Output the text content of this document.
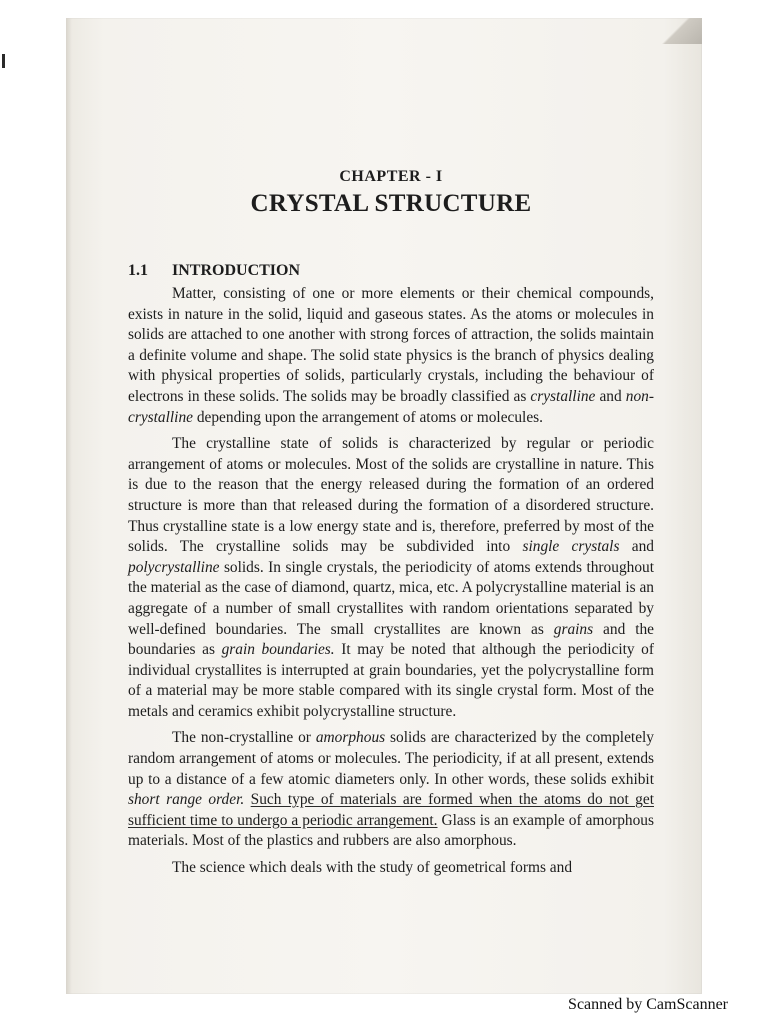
CHAPTER - I
CRYSTAL STRUCTURE
1.1	INTRODUCTION

Matter, consisting of one or more elements or their chemical compounds, exists in nature in the solid, liquid and gaseous states. As the atoms or molecules in solids are attached to one another with strong forces of attraction, the solids maintain a definite volume and shape. The solid state physics is the branch of physics dealing with physical properties of solids, particularly crystals, including the behaviour of electrons in these solids. The solids may be broadly classified as crystalline and non-crystalline depending upon the arrangement of atoms or molecules.

The crystalline state of solids is characterized by regular or periodic arrangement of atoms or molecules. Most of the solids are crystalline in nature. This is due to the reason that the energy released during the formation of an ordered structure is more than that released during the formation of a disordered structure. Thus crystalline state is a low energy state and is, therefore, preferred by most of the solids. The crystalline solids may be subdivided into single crystals and polycrystalline solids. In single crystals, the periodicity of atoms extends throughout the material as the case of diamond, quartz, mica, etc. A polycrystalline material is an aggregate of a number of small crystallites with random orientations separated by well-defined boundaries. The small crystallites are known as grains and the boundaries as grain boundaries. It may be noted that although the periodicity of individual crystallites is interrupted at grain boundaries, yet the polycrystalline form of a material may be more stable compared with its single crystal form. Most of the metals and ceramics exhibit polycrystalline structure.

The non-crystalline or amorphous solids are characterized by the completely random arrangement of atoms or molecules. The periodicity, if at all present, extends up to a distance of a few atomic diameters only. In other words, these solids exhibit short range order. Such type of materials are formed when the atoms do not get sufficient time to undergo a periodic arrangement. Glass is an example of amorphous materials. Most of the plastics and rubbers are also amorphous.

The science which deals with the study of geometrical forms and

Scanned by CamScanner
